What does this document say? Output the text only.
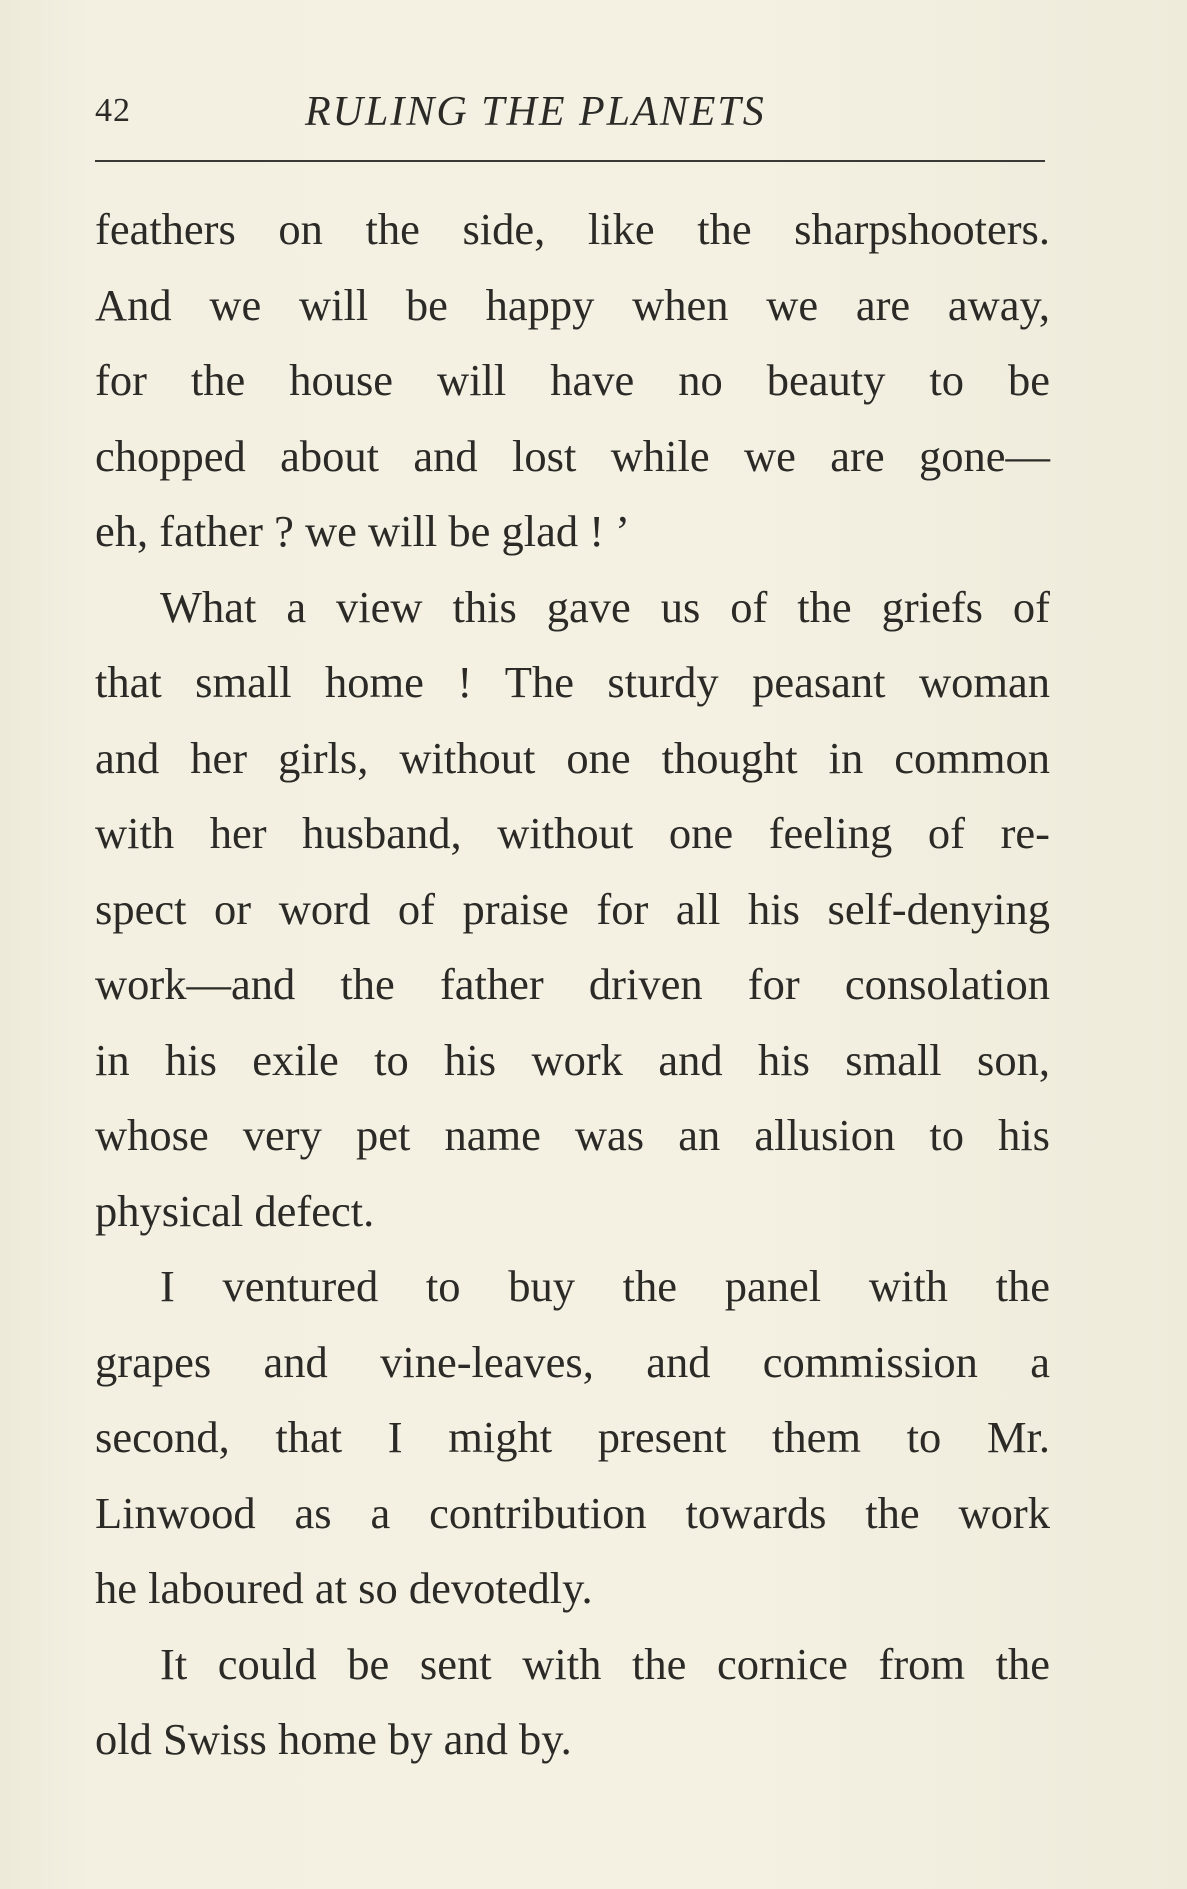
42	RULING THE PLANETS
feathers on the side, like the sharpshooters.
And we will be happy when we are away,
for the house will have no beauty to be
chopped about and lost while we are gone—
eh, father ? we will be glad ! ’
What a view this gave us of the griefs of
that small home ! The sturdy peasant woman
and her girls, without one thought in common
with her husband, without one feeling of re-
spect or word of praise for all his self-denying
work—and the father driven for consolation
in his exile to his work and his small son,
whose very pet name was an allusion to his
physical defect.
I ventured to buy the panel with the
grapes and vine-leaves, and commission a
second, that I might present them to Mr.
Linwood as a contribution towards the work
he laboured at so devotedly.
It could be sent with the cornice from the
old Swiss home by and by.
